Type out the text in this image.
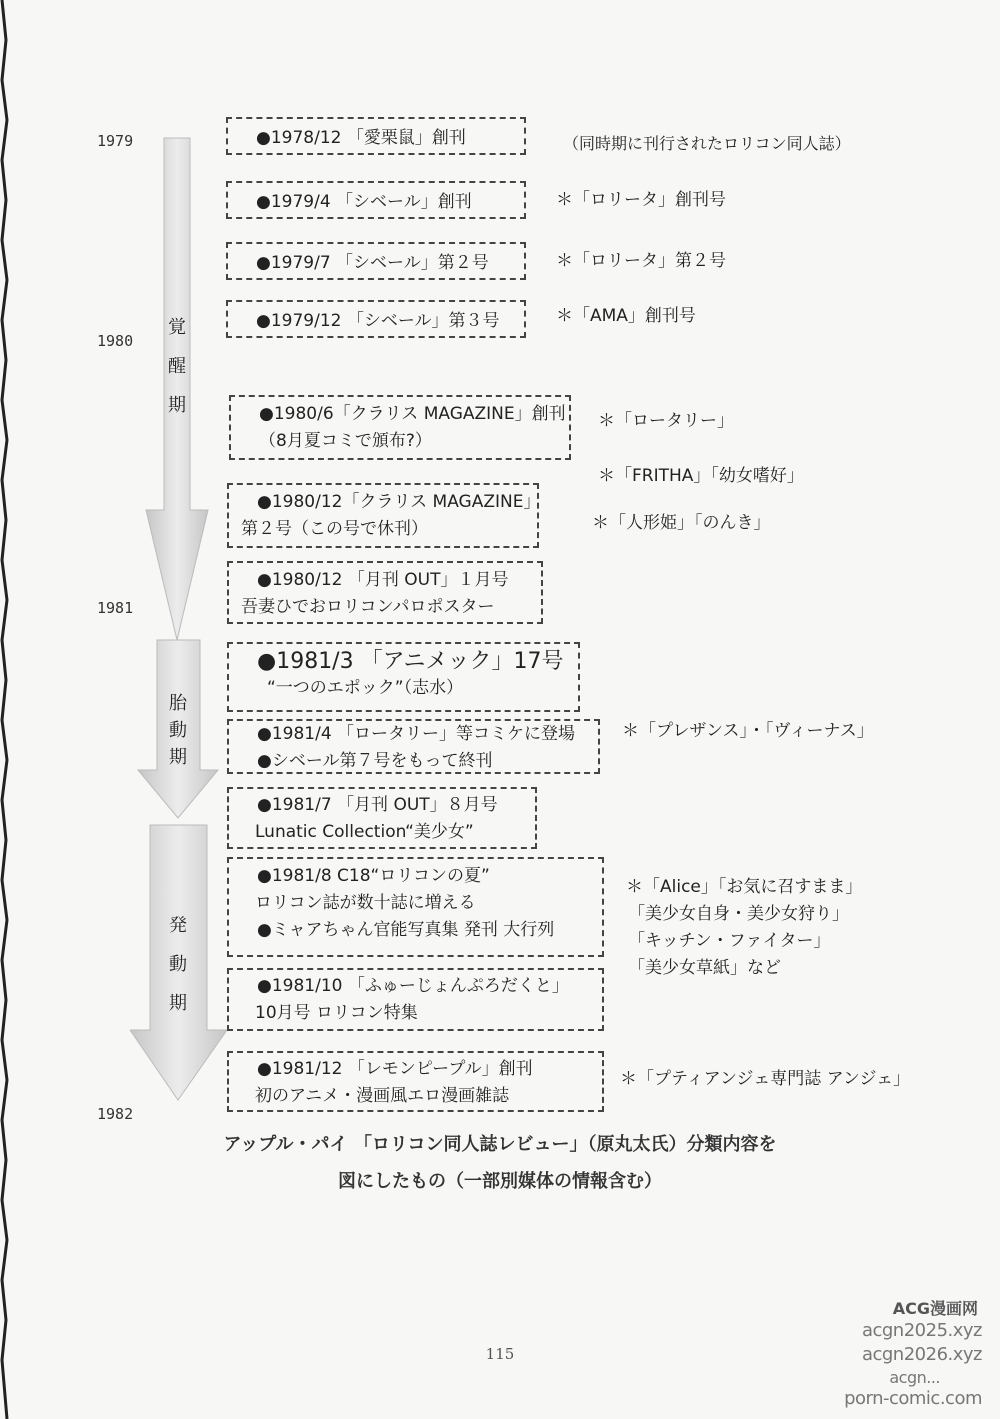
1979
1980
1981
1982
覚
醒
期
胎
動
期
発
動
期
●1978/12 「愛栗鼠」創刊
●1979/4 「シベール」創刊
●1979/7 「シベール」第２号
●1979/12 「シベール」第３号
●1980/6「クラリス MAGAZINE」創刊
（8月夏コミで頒布?）
●1980/12「クラリス MAGAZINE」
第２号（この号で休刊）
●1980/12 「月刊 OUT」１月号
吾妻ひでおロリコンパロポスター
●1981/3 「アニメック」17号
“一つのエポック”（志水）
●1981/4 「ロータリー」等コミケに登場
●シベール第７号をもって終刊
●1981/7 「月刊 OUT」８月号
Lunatic Collection“美少女”
●1981/8 C18“ロリコンの夏”
ロリコン誌が数十誌に増える
●ミャアちゃん官能写真集 発刊 大行列
●1981/10 「ふゅーじょんぷろだくと」
10月号 ロリコン特集
●1981/12 「レモンピープル」創刊
初のアニメ・漫画風エロ漫画雑誌
（同時期に刊行されたロリコン同人誌）
＊「ロリータ」創刊号
＊「ロリータ」第２号
＊「AMA」創刊号
＊「ロータリー」
＊「FRITHA」「幼女嗜好」
＊「人形姫」「のんき」
＊「プレザンス」・「ヴィーナス」
＊「Alice」「お気に召すまま」
「美少女自身・美少女狩り」
「キッチン・ファイター」
「美少女草紙」など
＊「プティアンジェ専門誌 アンジェ」
アップル・パイ 「ロリコン同人誌レビュー」（原丸太氏）分類内容を
図にしたもの（一部別媒体の情報含む）
115
ACG漫画网
acgn2025.xyz
acgn2026.xyz
acgn...
porn-comic.com
